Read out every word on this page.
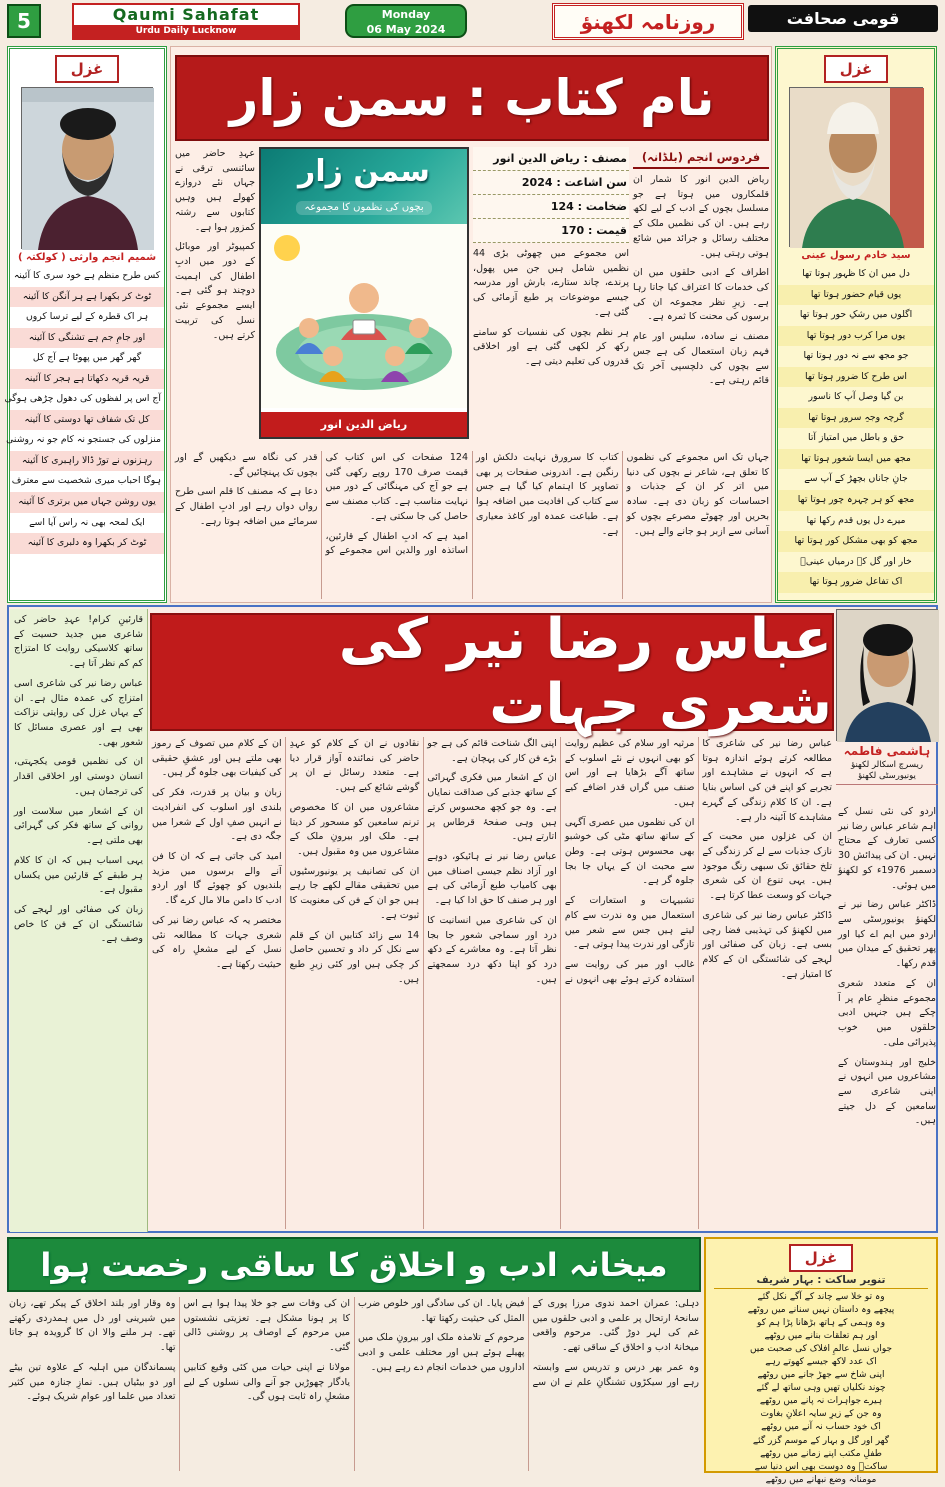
5	Qaumi Sahafat
Urdu Daily Lucknow
Monday
06 May 2024	روزنامہ لکھنؤ	قومی صحافت
غزل
شمیم انجم وارثی ( کولکتہ )
کس طرح منظم ہے خود سری کا آئینہ
ٹوٹ کر بکھرا ہے ہر آنگن کا آئینہ
ہر اک قطرہ کے لیے ترسا کروں
اور جامِ جم ہے تشنگی کا آئینہ
گھر گھر میں پھوٹا ہے آج کل
قریہ قریہ دکھاتا ہے ہجر کا آئینہ
آج اس پر لفظوں کی دھول چڑھی ہوگی
کل تک شفاف تھا دوستی کا آئینہ
منزلوں کی جستجو نہ کام جو نہ روشنی
رہزنوں نے توڑ ڈالا راہبری کا آئینہ
ہوگا احباب میری شخصیت سے معترف
یوں روشن جہاں میں برتری کا آئینہ
ایک لمحہ بھی نہ راس آیا اسے
ٹوٹ کر بکھرا وہ دلبری کا آئینہ
نام کتاب : سمن زار
فردوس انجم (بلڈانہ)
ریاض الدین انور کا شمار ان قلمکاروں میں ہوتا ہے جو مسلسل بچوں کے ادب کے لیے لکھ رہے ہیں۔ ان کی نظمیں ملک کے مختلف رسائل و جرائد میں شائع ہوتی رہتی ہیں۔
اطراف کے ادبی حلقوں میں ان کی خدمات کا اعتراف کیا جاتا رہا ہے۔ زیرِ نظر مجموعہ ان کی برسوں کی محنت کا ثمرہ ہے۔
مصنف نے سادہ، سلیس اور عام فہم زبان استعمال کی ہے جس سے بچوں کی دلچسپی آخر تک قائم رہتی ہے۔
مصنف : ریاض الدین انور
سن اشاعت : 2024
ضخامت : 124
قیمت : 170
اس مجموعے میں چھوٹی بڑی 44 نظمیں شامل ہیں جن میں پھول، پرندے، چاند ستارے، بارش اور مدرسہ جیسے موضوعات پر طبع آزمائی کی گئی ہے۔
ہر نظم بچوں کی نفسیات کو سامنے رکھ کر لکھی گئی ہے اور اخلاقی قدروں کی تعلیم دیتی ہے۔
سمن زار
بچوں کی نظموں کا مجموعہ
ریاض الدین انور
عہدِ حاضر میں سائنسی ترقی نے جہاں نئے دروازے کھولے ہیں وہیں کتابوں سے رشتہ کمزور ہوا ہے۔
کمپیوٹر اور موبائل کے دور میں ادبِ اطفال کی اہمیت دوچند ہو گئی ہے۔ ایسے مجموعے نئی نسل کی تربیت کرتے ہیں۔
جہاں تک اس مجموعے کی نظموں کا تعلق ہے، شاعر نے بچوں کی دنیا میں اتر کر ان کے جذبات و احساسات کو زبان دی ہے۔ سادہ بحریں اور چھوٹے مصرعے بچوں کو آسانی سے ازبر ہو جانے والے ہیں۔
کتاب کا سرورق نہایت دلکش اور رنگین ہے۔ اندرونی صفحات پر بھی تصاویر کا اہتمام کیا گیا ہے جس سے کتاب کی افادیت میں اضافہ ہوا ہے۔ طباعت عمدہ اور کاغذ معیاری ہے۔
124 صفحات کی اس کتاب کی قیمت صرف 170 روپے رکھی گئی ہے جو آج کی مہنگائی کے دور میں نہایت مناسب ہے۔ کتاب مصنف سے حاصل کی جا سکتی ہے۔
امید ہے کہ ادبِ اطفال کے قارئین، اساتذہ اور والدین اس مجموعے کو قدر کی نگاہ سے دیکھیں گے اور بچوں تک پہنچائیں گے۔
دعا ہے کہ مصنف کا قلم اسی طرح رواں دواں رہے اور ادبِ اطفال کے سرمائے میں اضافہ ہوتا رہے۔
غزل
سید خادم رسول عینی
دل میں ان کا ظہور ہوتا تھا
یوں قیام حضور ہوتا تھا
اگلوں میں رشکِ حور ہوتا تھا
یوں مرا کرب دور ہوتا تھا
جو مجھ سے نہ دور ہوتا تھا
اس طرح کا ضرور ہوتا تھا
بن گیا وصل آپ کا ناسور
گرچہ وجہِ سرور ہوتا تھا
حق و باطل میں امتیاز آتا
مجھ میں ایسا شعور ہوتا تھا
جانِ جاناں بچھڑ کے آپ سے
مجھ کو ہر چہرہ چور ہوتا تھا
میرے دل یوں قدم رکھا تھا
مجھ کو بھی مشکل کور ہوتا تھا
خار اور گل کے درمیاں عینیؔ
اک تفاعل ضرور ہوتا تھا
قارئینِ کرام! عہدِ حاضر کی شاعری میں جدید حسیت کے ساتھ کلاسیکی روایت کا امتزاج کم کم نظر آتا ہے۔
عباس رضا نیر کی شاعری اسی امتزاج کی عمدہ مثال ہے۔ ان کے یہاں غزل کی روایتی نزاکت بھی ہے اور عصری مسائل کا شعور بھی۔
ان کی نظمیں قومی یکجہتی، انسان دوستی اور اخلاقی اقدار کی ترجمان ہیں۔
ان کے اشعار میں سلاست اور روانی کے ساتھ فکر کی گہرائی بھی ملتی ہے۔
یہی اسباب ہیں کہ ان کا کلام ہر طبقے کے قارئین میں یکساں مقبول ہے۔
زبان کی صفائی اور لہجے کی شائستگی ان کے فن کا خاص وصف ہے۔
عباس رضا نیر کی شعری جہات
عباس رضا نیر کی شاعری کا مطالعہ کرتے ہوئے اندازہ ہوتا ہے کہ انہوں نے مشاہدے اور تجربے کو اپنے فن کی اساس بنایا ہے۔ ان کا کلام زندگی کے گہرے مشاہدے کا آئینہ دار ہے۔
ان کی غزلوں میں محبت کے نازک جذبات سے لے کر زندگی کے تلخ حقائق تک سبھی رنگ موجود ہیں۔ یہی تنوع ان کی شعری جہات کو وسعت عطا کرتا ہے۔
ڈاکٹر عباس رضا نیر کی شاعری میں لکھنؤ کی تہذیبی فضا رچی بسی ہے۔ زبان کی صفائی اور لہجے کی شائستگی ان کے کلام کا امتیاز ہے۔
مرثیہ اور سلام کی عظیم روایت کو بھی انہوں نے نئے اسلوب کے ساتھ آگے بڑھایا ہے اور اس صنف میں گراں قدر اضافے کیے ہیں۔
ان کی نظموں میں عصری آگہی کے ساتھ ساتھ مٹی کی خوشبو بھی محسوس ہوتی ہے۔ وطن سے محبت ان کے یہاں جا بجا جلوہ گر ہے۔
تشبیہات و استعارات کے استعمال میں وہ ندرت سے کام لیتے ہیں جس سے شعر میں تازگی اور ندرت پیدا ہوتی ہے۔
غالب اور میر کی روایت سے استفادہ کرتے ہوئے بھی انہوں نے اپنی الگ شناخت قائم کی ہے جو بڑے فن کار کی پہچان ہے۔
ان کے اشعار میں فکری گہرائی کے ساتھ جذبے کی صداقت نمایاں ہے۔ وہ جو کچھ محسوس کرتے ہیں وہی صفحۂ قرطاس پر اتارتے ہیں۔
عباس رضا نیر نے ہائیکو، دوہے اور آزاد نظم جیسی اصناف میں بھی کامیاب طبع آزمائی کی ہے اور ہر صنف کا حق ادا کیا ہے۔
ان کی شاعری میں انسانیت کا درد اور سماجی شعور جا بجا نظر آتا ہے۔ وہ معاشرے کے دکھ درد کو اپنا دکھ درد سمجھتے ہیں۔
نقادوں نے ان کے کلام کو عہدِ حاضر کی نمائندہ آواز قرار دیا ہے۔ متعدد رسائل نے ان پر گوشے شائع کیے ہیں۔
مشاعروں میں ان کا مخصوص ترنم سامعین کو مسحور کر دیتا ہے۔ ملک اور بیرونِ ملک کے مشاعروں میں وہ مقبول ہیں۔
ان کی تصانیف پر یونیورسٹیوں میں تحقیقی مقالے لکھے جا رہے ہیں جو ان کے فن کی معنویت کا ثبوت ہے۔
14 سے زائد کتابیں ان کے قلم سے نکل کر داد و تحسین حاصل کر چکی ہیں اور کئی زیرِ طبع ہیں۔
ان کے کلام میں تصوف کے رموز بھی ملتے ہیں اور عشقِ حقیقی کی کیفیات بھی جلوہ گر ہیں۔
زبان و بیان پر قدرت، فکر کی بلندی اور اسلوب کی انفرادیت نے انہیں صفِ اول کے شعرا میں جگہ دی ہے۔
امید کی جاتی ہے کہ ان کا فن آنے والے برسوں میں مزید بلندیوں کو چھوئے گا اور اردو ادب کا دامن مالا مال کرے گا۔
مختصر یہ کہ عباس رضا نیر کی شعری جہات کا مطالعہ نئی نسل کے لیے مشعلِ راہ کی حیثیت رکھتا ہے۔
ہاشمی فاطمہ
ریسرچ اسکالر لکھنؤ یونیورسٹی لکھنؤ
اردو کی نئی نسل کے اہم شاعر عباس رضا نیر کسی تعارف کے محتاج نہیں۔ ان کی پیدائش 30 دسمبر 1976ء کو لکھنؤ میں ہوئی۔
ڈاکٹر عباس رضا نیر نے لکھنؤ یونیورسٹی سے اردو میں ایم اے کیا اور پھر تحقیق کے میدان میں قدم رکھا۔
ان کے متعدد شعری مجموعے منظرِ عام پر آ چکے ہیں جنہیں ادبی حلقوں میں خوب پذیرائی ملی۔
خلیج اور ہندوستان کے مشاعروں میں انہوں نے اپنی شاعری سے سامعین کے دل جیتے ہیں۔
میخانہ ادب و اخلاق کا ساقی رخصت ہوا
دہلی: عمران احمد ندوی مرزا پوری کے سانحۂ ارتحال پر علمی و ادبی حلقوں میں غم کی لہر دوڑ گئی۔ مرحوم واقعی میخانۂ ادب و اخلاق کے ساقی تھے۔
وہ عمر بھر درس و تدریس سے وابستہ رہے اور سیکڑوں تشنگانِ علم نے ان سے فیض پایا۔ ان کی سادگی اور خلوص ضرب المثل کی حیثیت رکھتا تھا۔
مرحوم کے تلامذہ ملک اور بیرونِ ملک میں پھیلے ہوئے ہیں اور مختلف علمی و ادبی اداروں میں خدمات انجام دے رہے ہیں۔
ان کی وفات سے جو خلا پیدا ہوا ہے اس کا پر ہونا مشکل ہے۔ تعزیتی نشستوں میں مرحوم کے اوصاف پر روشنی ڈالی گئی۔
مولانا نے اپنی حیات میں کئی وقیع کتابیں یادگار چھوڑیں جو آنے والی نسلوں کے لیے مشعلِ راہ ثابت ہوں گی۔
وہ وقار اور بلند اخلاق کے پیکر تھے، زبان میں شیرینی اور دل میں ہمدردی رکھتے تھے۔ ہر ملنے والا ان کا گرویدہ ہو جاتا تھا۔
پسماندگان میں اہلیہ کے علاوہ تین بیٹے اور دو بیٹیاں ہیں۔ نمازِ جنازہ میں کثیر تعداد میں علما اور عوام شریک ہوئے۔
غزل
تنویر ساکت : بہار شریف
وہ تو خلا سے چاند کے آگے نکل گئے
پیچھے وہ داستان نہیں سنانے میں روٹھے
وہ وہمی کے ہاتھ بڑھانا پڑا ہم کو
اور ہم تعلقات بنانے میں روٹھے
جواں نسل عالمِ افلاک کی صحبت میں
اک عدد لاکھ جیسے کھوتے رہے
اپنی شاخ سے جھڑ جانے میں روٹھے
چوند نکلیاں تھیں وہی ساتھ لے گئے
ہیرے جواہرات نہ پانے میں روٹھے
وہ جن کے زیرِ سایہ اعلانِ بغاوت
اک خود حساب نہ آنے میں روٹھے
گھر اور گل و بہار کے موسم گزر گئے
طفلِ مکتب اپنے زمانے میں روٹھے
ساکتؔ وہ دوست بھی اس دنیا سے
مومنانہ وضع نبھانے میں روٹھے
